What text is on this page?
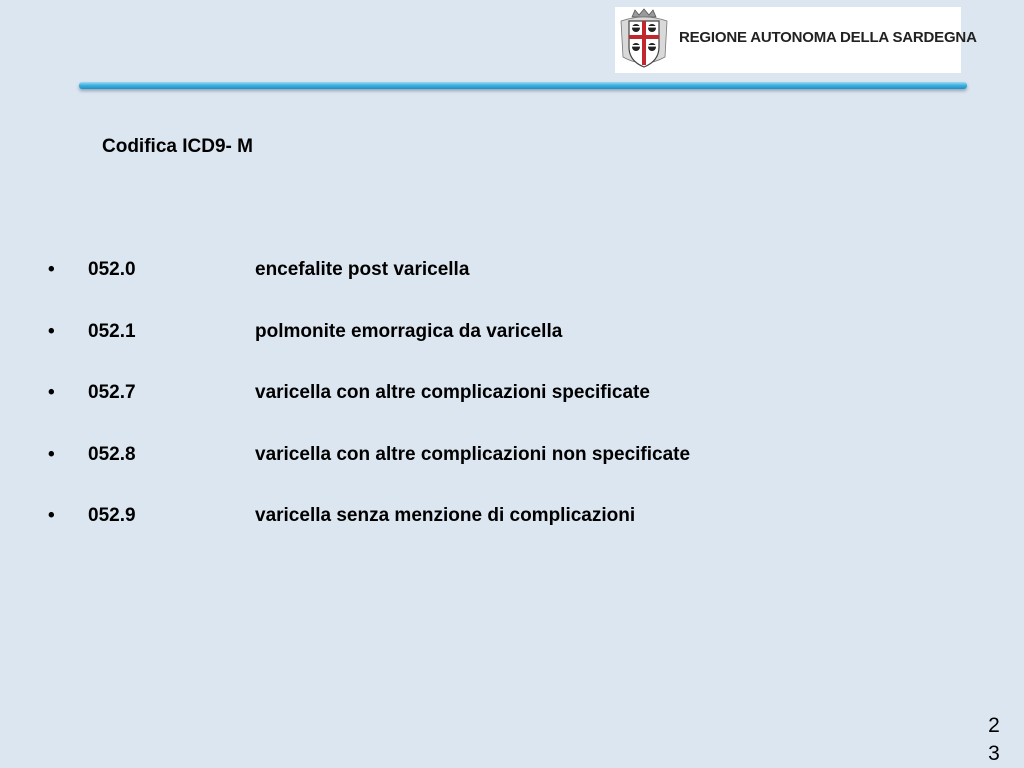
REGIONE AUTONOMA DELLA SARDEGNA
Codifica ICD9- M
• 052.0	encefalite post varicella
• 052.1	polmonite emorragica da varicella
• 052.7	varicella con altre complicazioni specificate
• 052.8	varicella con altre complicazioni non specificate
• 052.9	varicella senza menzione di complicazioni
23
